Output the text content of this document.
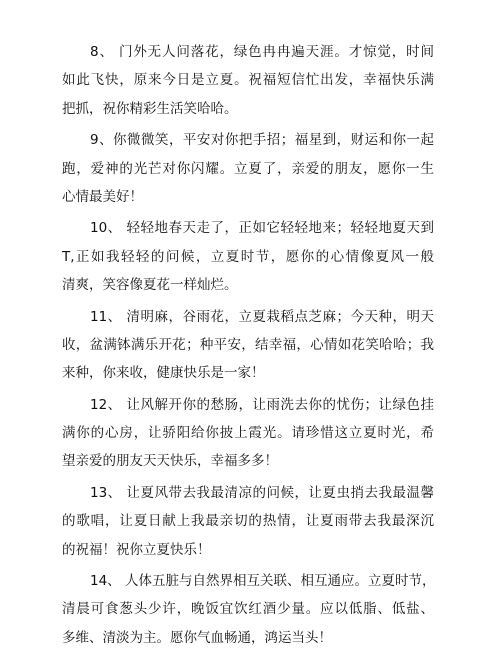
8、 门外无人问落花，绿色冉冉遍天涯。才惊觉，时间
如此飞快，原来今日是立夏。祝福短信忙出发，幸福快乐满
把抓，祝你精彩生活笑哈哈。
9、你微微笑，平安对你把手招；福星到，财运和你一起
跑，爱神的光芒对你闪耀。立夏了，亲爱的朋友，愿你一生
心情最美好！
10、 轻轻地春天走了，正如它轻轻地来；轻轻地夏天到
T,正如我轻轻的问候，立夏时节，愿你的心情像夏风一般
清爽，笑容像夏花一样灿烂。
11、 清明麻，谷雨花，立夏栽稻点芝麻；今天种，明天
收，盆满钵满乐开花；种平安，结幸福，心情如花笑哈哈；我
来种，你来收，健康快乐是一家！
12、 让风解开你的愁肠，让雨洗去你的忧伤；让绿色挂
满你的心房，让骄阳给你披上霞光。请珍惜这立夏时光，希
望亲爱的朋友天天快乐，幸福多多！
13、 让夏风带去我最清凉的问候，让夏虫捎去我最温馨
的歌唱，让夏日献上我最亲切的热情，让夏雨带去我最深沉
的祝福！祝你立夏快乐！
14、 人体五脏与自然界相互关联、相互通应。立夏时节，
清晨可食葱头少许，晚饭宜饮红酒少量。应以低脂、低盐、
多维、清淡为主。愿你气血畅通，鸿运当头！
